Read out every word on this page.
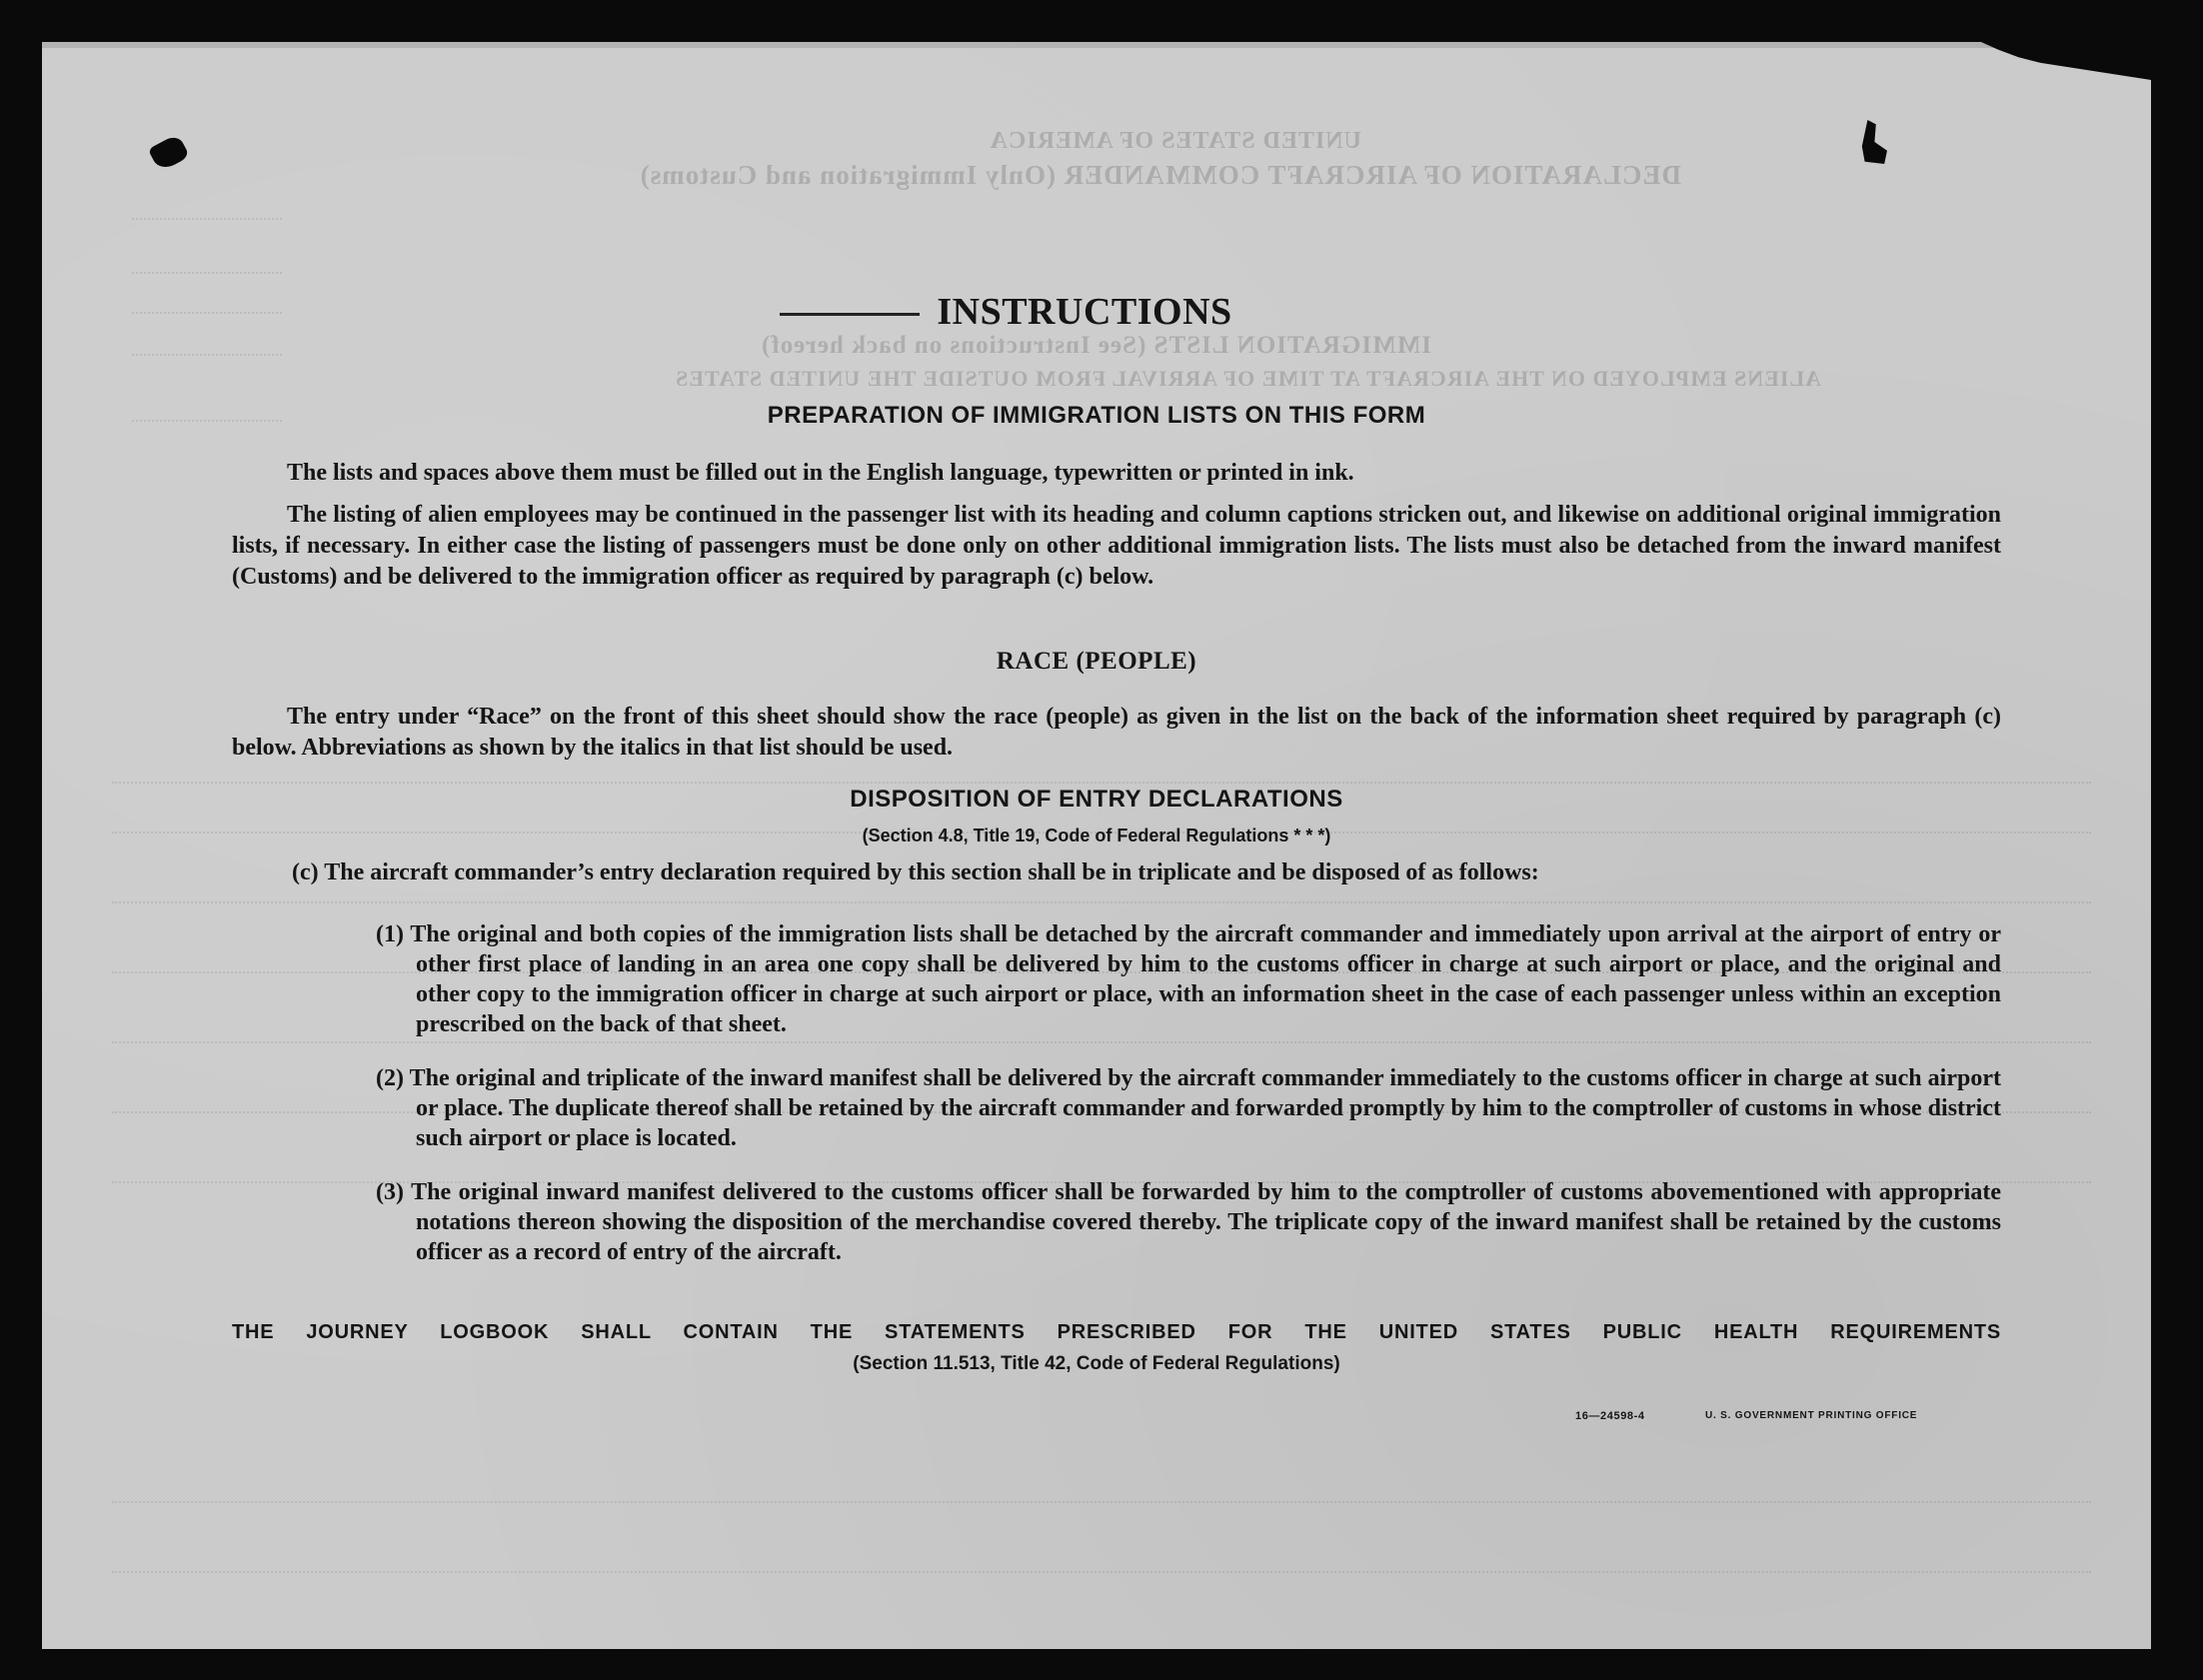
UNITED STATES OF AMERICA
DECLARATION OF AIRCRAFT COMMANDER (Only Immigration and Customs)
IMMIGRATION LISTS (See Instructions on back hereof)
ALIENS EMPLOYED ON THE AIRCRAFT AT TIME OF ARRIVAL FROM OUTSIDE THE UNITED STATES
INSTRUCTIONS
PREPARATION OF IMMIGRATION LISTS ON THIS FORM
The lists and spaces above them must be filled out in the English language, typewritten or printed in ink.
The listing of alien employees may be continued in the passenger list with its heading and column captions stricken out, and likewise on additional original immigration lists, if necessary. In either case the listing of passengers must be done only on other additional immigration lists. The lists must also be detached from the inward manifest (Customs) and be delivered to the immigration officer as required by paragraph (c) below.
RACE (PEOPLE)
The entry under “Race” on the front of this sheet should show the race (people) as given in the list on the back of the information sheet required by paragraph (c) below. Abbreviations as shown by the italics in that list should be used.
DISPOSITION OF ENTRY DECLARATIONS
(Section 4.8, Title 19, Code of Federal Regulations * * *)
(c) The aircraft commander’s entry declaration required by this section shall be in triplicate and be disposed of as follows:
(1) The original and both copies of the immigration lists shall be detached by the aircraft commander and immediately upon arrival at the airport of entry or other first place of landing in an area one copy shall be delivered by him to the customs officer in charge at such airport or place, and the original and other copy to the immigration officer in charge at such airport or place, with an information sheet in the case of each passenger unless within an exception prescribed on the back of that sheet.
(2) The original and triplicate of the inward manifest shall be delivered by the aircraft commander immediately to the customs officer in charge at such airport or place. The duplicate thereof shall be retained by the aircraft commander and forwarded promptly by him to the comptroller of customs in whose district such airport or place is located.
(3) The original inward manifest delivered to the customs officer shall be forwarded by him to the comptroller of customs abovementioned with appropriate notations thereon showing the disposition of the merchandise covered thereby. The triplicate copy of the inward manifest shall be retained by the customs officer as a record of entry of the aircraft.
THE JOURNEY LOGBOOK SHALL CONTAIN THE STATEMENTS PRESCRIBED FOR THE UNITED STATES PUBLIC HEALTH REQUIREMENTS
(Section 11.513, Title 42, Code of Federal Regulations)
16—24598-4	U. S. GOVERNMENT PRINTING OFFICE
